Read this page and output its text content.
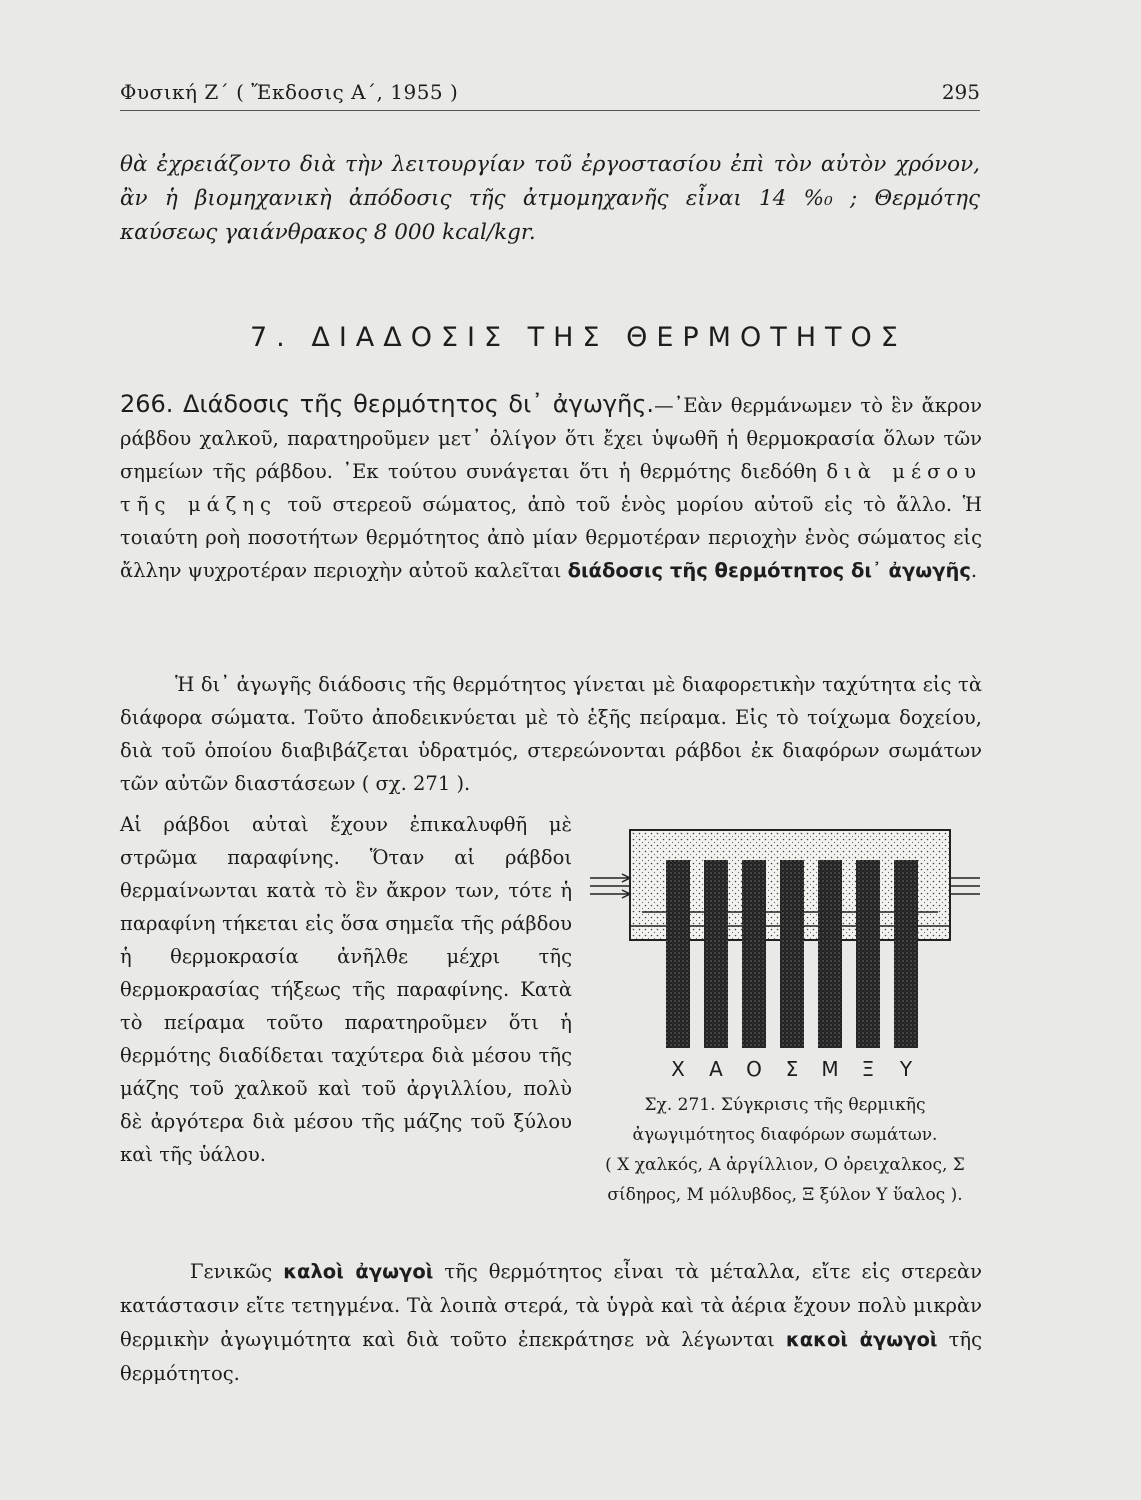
Φυσική Ζ΄ ( Ἔκδοσις Α΄, 1955 )	295

θὰ ἐχρειάζοντο διὰ τὴν λειτουργίαν τοῦ ἐργοστασίου ἐπὶ τὸν αὐτὸν χρόνον, ἂν ἡ βιομηχανικὴ ἀπόδοσις τῆς ἀτμομηχανῆς εἶναι 14 %₀ ; Θερμότης καύσεως γαιάνθρακος 8 000 kcal/kgr.

7. ΔΙΑΔΟΣΙΣ ΤΗΣ ΘΕΡΜΟΤΗΤΟΣ

266. Διάδοσις τῆς θερμότητος δι᾽ ἀγωγῆς.—᾽Εὰν θερμάνωμεν τὸ ἓν ἄκρον ράβδου χαλκοῦ, παρατηροῦμεν μετ᾽ ὀλίγον ὅτι ἔχει ὑψωθῆ ἡ θερμοκρασία ὅλων τῶν σημείων τῆς ράβδου. ᾽Εκ τούτου συνάγεται ὅτι ἡ θερμότης διεδόθη διὰ μέσου τῆς μάζης τοῦ στερεοῦ σώματος, ἀπὸ τοῦ ἑνὸς μορίου αὐτοῦ εἰς τὸ ἄλλο. Ἡ τοιαύτη ροὴ ποσοτήτων θερμότητος ἀπὸ μίαν θερμοτέραν περιοχὴν ἑνὸς σώματος εἰς ἄλλην ψυχροτέραν περιοχὴν αὐτοῦ καλεῖται διάδοσις τῆς θερμότητος δι᾽ ἀγωγῆς.

Ἡ δι᾽ ἀγωγῆς διάδοσις τῆς θερμότητος γίνεται μὲ διαφορετικὴν ταχύτητα εἰς τὰ διάφορα σώματα. Τοῦτο ἀποδεικνύεται μὲ τὸ ἑξῆς πείραμα. Εἰς τὸ τοίχωμα δοχείου, διὰ τοῦ ὁποίου διαβιβάζεται ὑδρατμός, στερεώνονται ράβδοι ἐκ διαφόρων σωμάτων τῶν αὐτῶν διαστάσεων ( σχ. 271 ).

Αἱ ράβδοι αὐταὶ ἔχουν ἐπικαλυφθῆ μὲ στρῶμα παραφίνης. Ὅταν αἱ ράβδοι θερμαίνωνται κατὰ τὸ ἓν ἄκρον των, τότε ἡ παραφίνη τήκεται εἰς ὅσα σημεῖα τῆς ράβδου ἡ θερμοκρασία ἀνῆλθε μέχρι τῆς θερμοκρασίας τήξεως τῆς παραφίνης. Κατὰ τὸ πείραμα τοῦτο παρατηροῦμεν ὅτι ἡ θερμότης διαδίδεται ταχύτερα διὰ μέσου τῆς μάζης τοῦ χαλκοῦ καὶ τοῦ ἀργιλλίου, πολὺ δὲ ἀργότερα διὰ μέσου τῆς μάζης τοῦ ξύλου καὶ τῆς ὑάλου.

Χ	Α	Ο	Σ	Μ	Ξ	Υ

Σχ. 271. Σύγκρισις τῆς θερμικῆς ἀγωγιμότητος διαφόρων σωμάτων.
( Χ χαλκός, Α ἀργίλλιον, Ο ὀρειχαλκος, Σ σίδηρος, Μ μόλυβδος, Ξ ξύλον Υ ὕαλος ).

Γενικῶς καλοὶ ἀγωγοὶ τῆς θερμότητος εἶναι τὰ μέταλλα, εἴτε εἰς στερεὰν κατάστασιν εἴτε τετηγμένα. Τὰ λοιπὰ στερά, τὰ ὑγρὰ καὶ τὰ ἀέρια ἔχουν πολὺ μικρὰν θερμικὴν ἀγωγιμότητα καὶ διὰ τοῦτο ἐπεκράτησε νὰ λέγωνται κακοὶ ἀγωγοὶ τῆς θερμότητος.
